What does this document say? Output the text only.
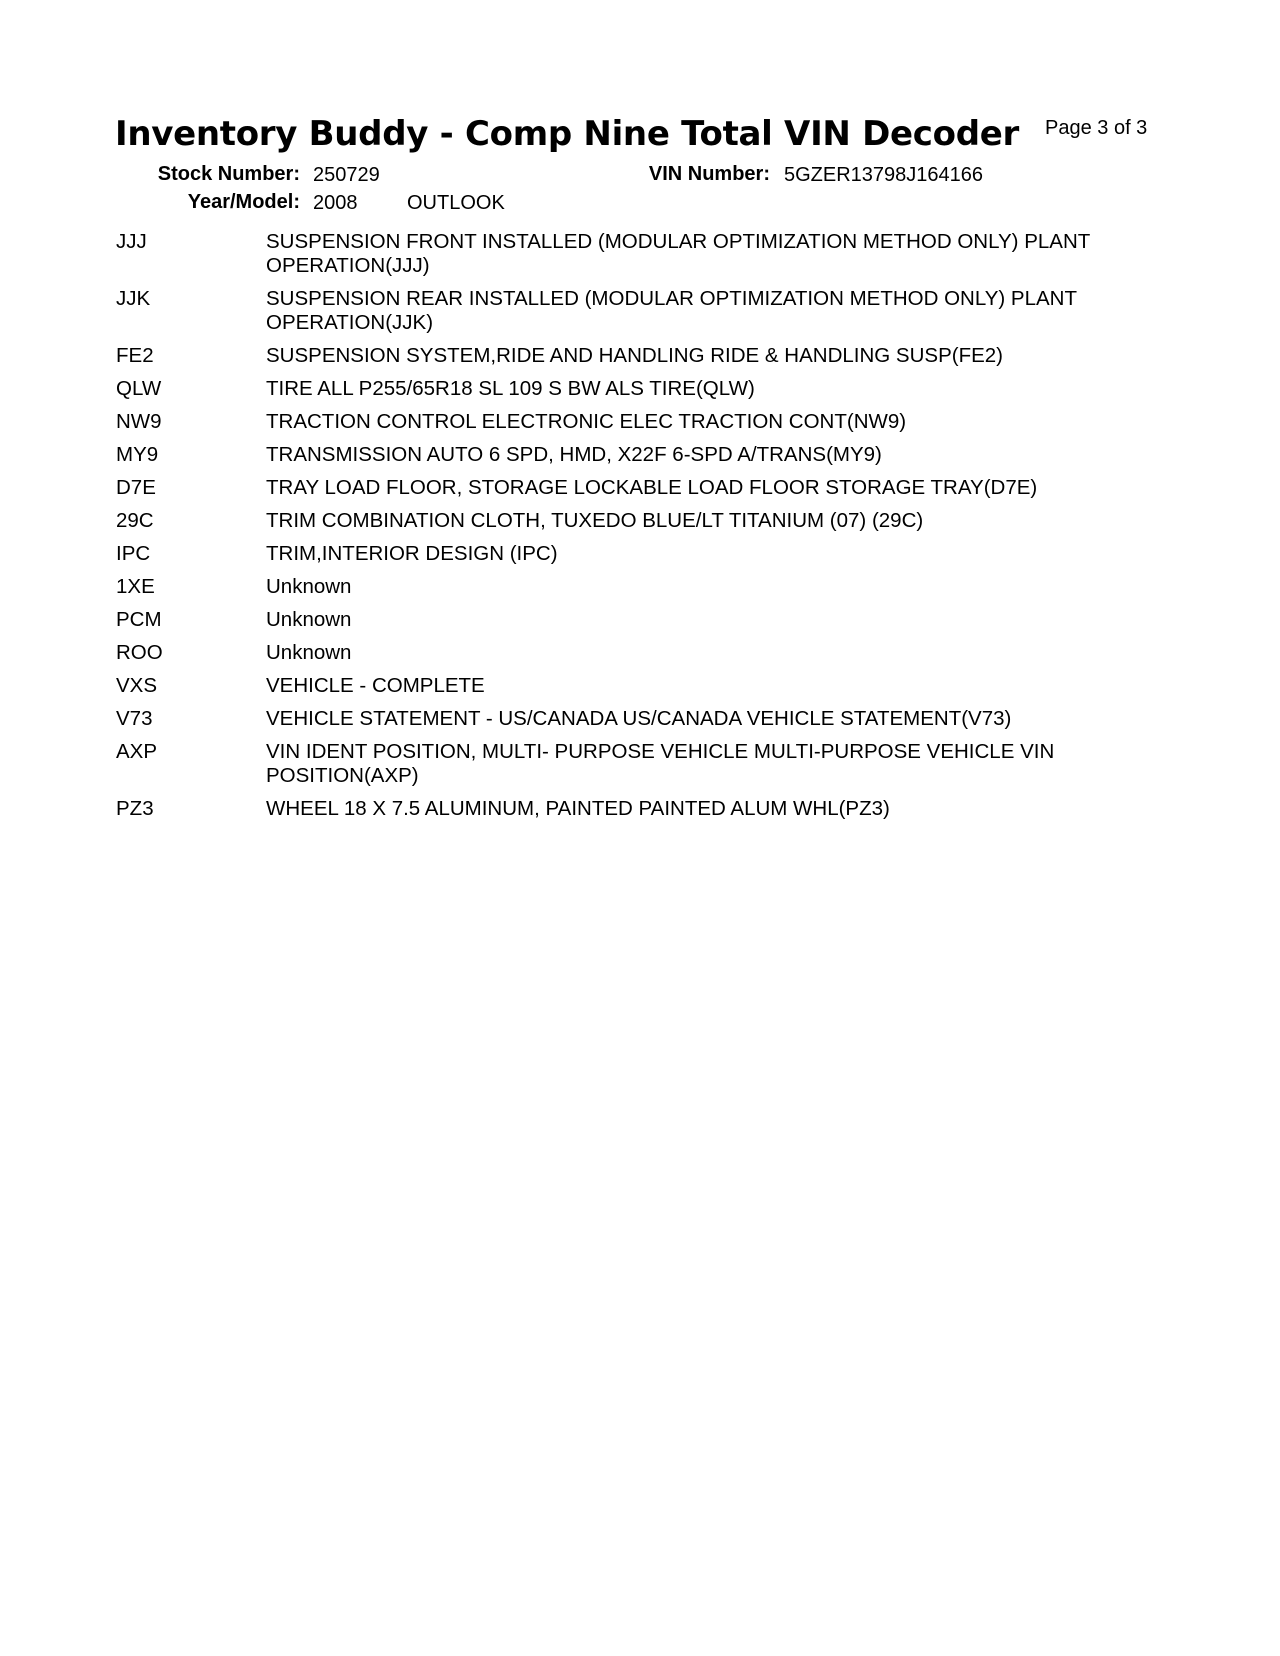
Inventory Buddy - Comp Nine Total VIN Decoder Page 3 of 3
Stock Number: 250729	VIN Number: 5GZER13798J164166
Year/Model: 2008 OUTLOOK
JJJ	SUSPENSION FRONT INSTALLED (MODULAR OPTIMIZATION METHOD ONLY) PLANT OPERATION(JJJ)
JJK	SUSPENSION REAR INSTALLED (MODULAR OPTIMIZATION METHOD ONLY) PLANT OPERATION(JJK)
FE2	SUSPENSION SYSTEM,RIDE AND HANDLING RIDE & HANDLING SUSP(FE2)
QLW	TIRE ALL P255/65R18 SL 109 S BW ALS TIRE(QLW)
NW9	TRACTION CONTROL ELECTRONIC ELEC TRACTION CONT(NW9)
MY9	TRANSMISSION AUTO 6 SPD, HMD, X22F 6-SPD A/TRANS(MY9)
D7E	TRAY LOAD FLOOR, STORAGE LOCKABLE LOAD FLOOR STORAGE TRAY(D7E)
29C	TRIM COMBINATION CLOTH, TUXEDO BLUE/LT TITANIUM (07) (29C)
IPC	TRIM,INTERIOR DESIGN (IPC)
1XE	Unknown
PCM	Unknown
ROO	Unknown
VXS	VEHICLE - COMPLETE
V73	VEHICLE STATEMENT - US/CANADA US/CANADA VEHICLE STATEMENT(V73)
AXP	VIN IDENT POSITION, MULTI- PURPOSE VEHICLE MULTI-PURPOSE VEHICLE VIN POSITION(AXP)
PZ3	WHEEL 18 X 7.5 ALUMINUM, PAINTED PAINTED ALUM WHL(PZ3)
